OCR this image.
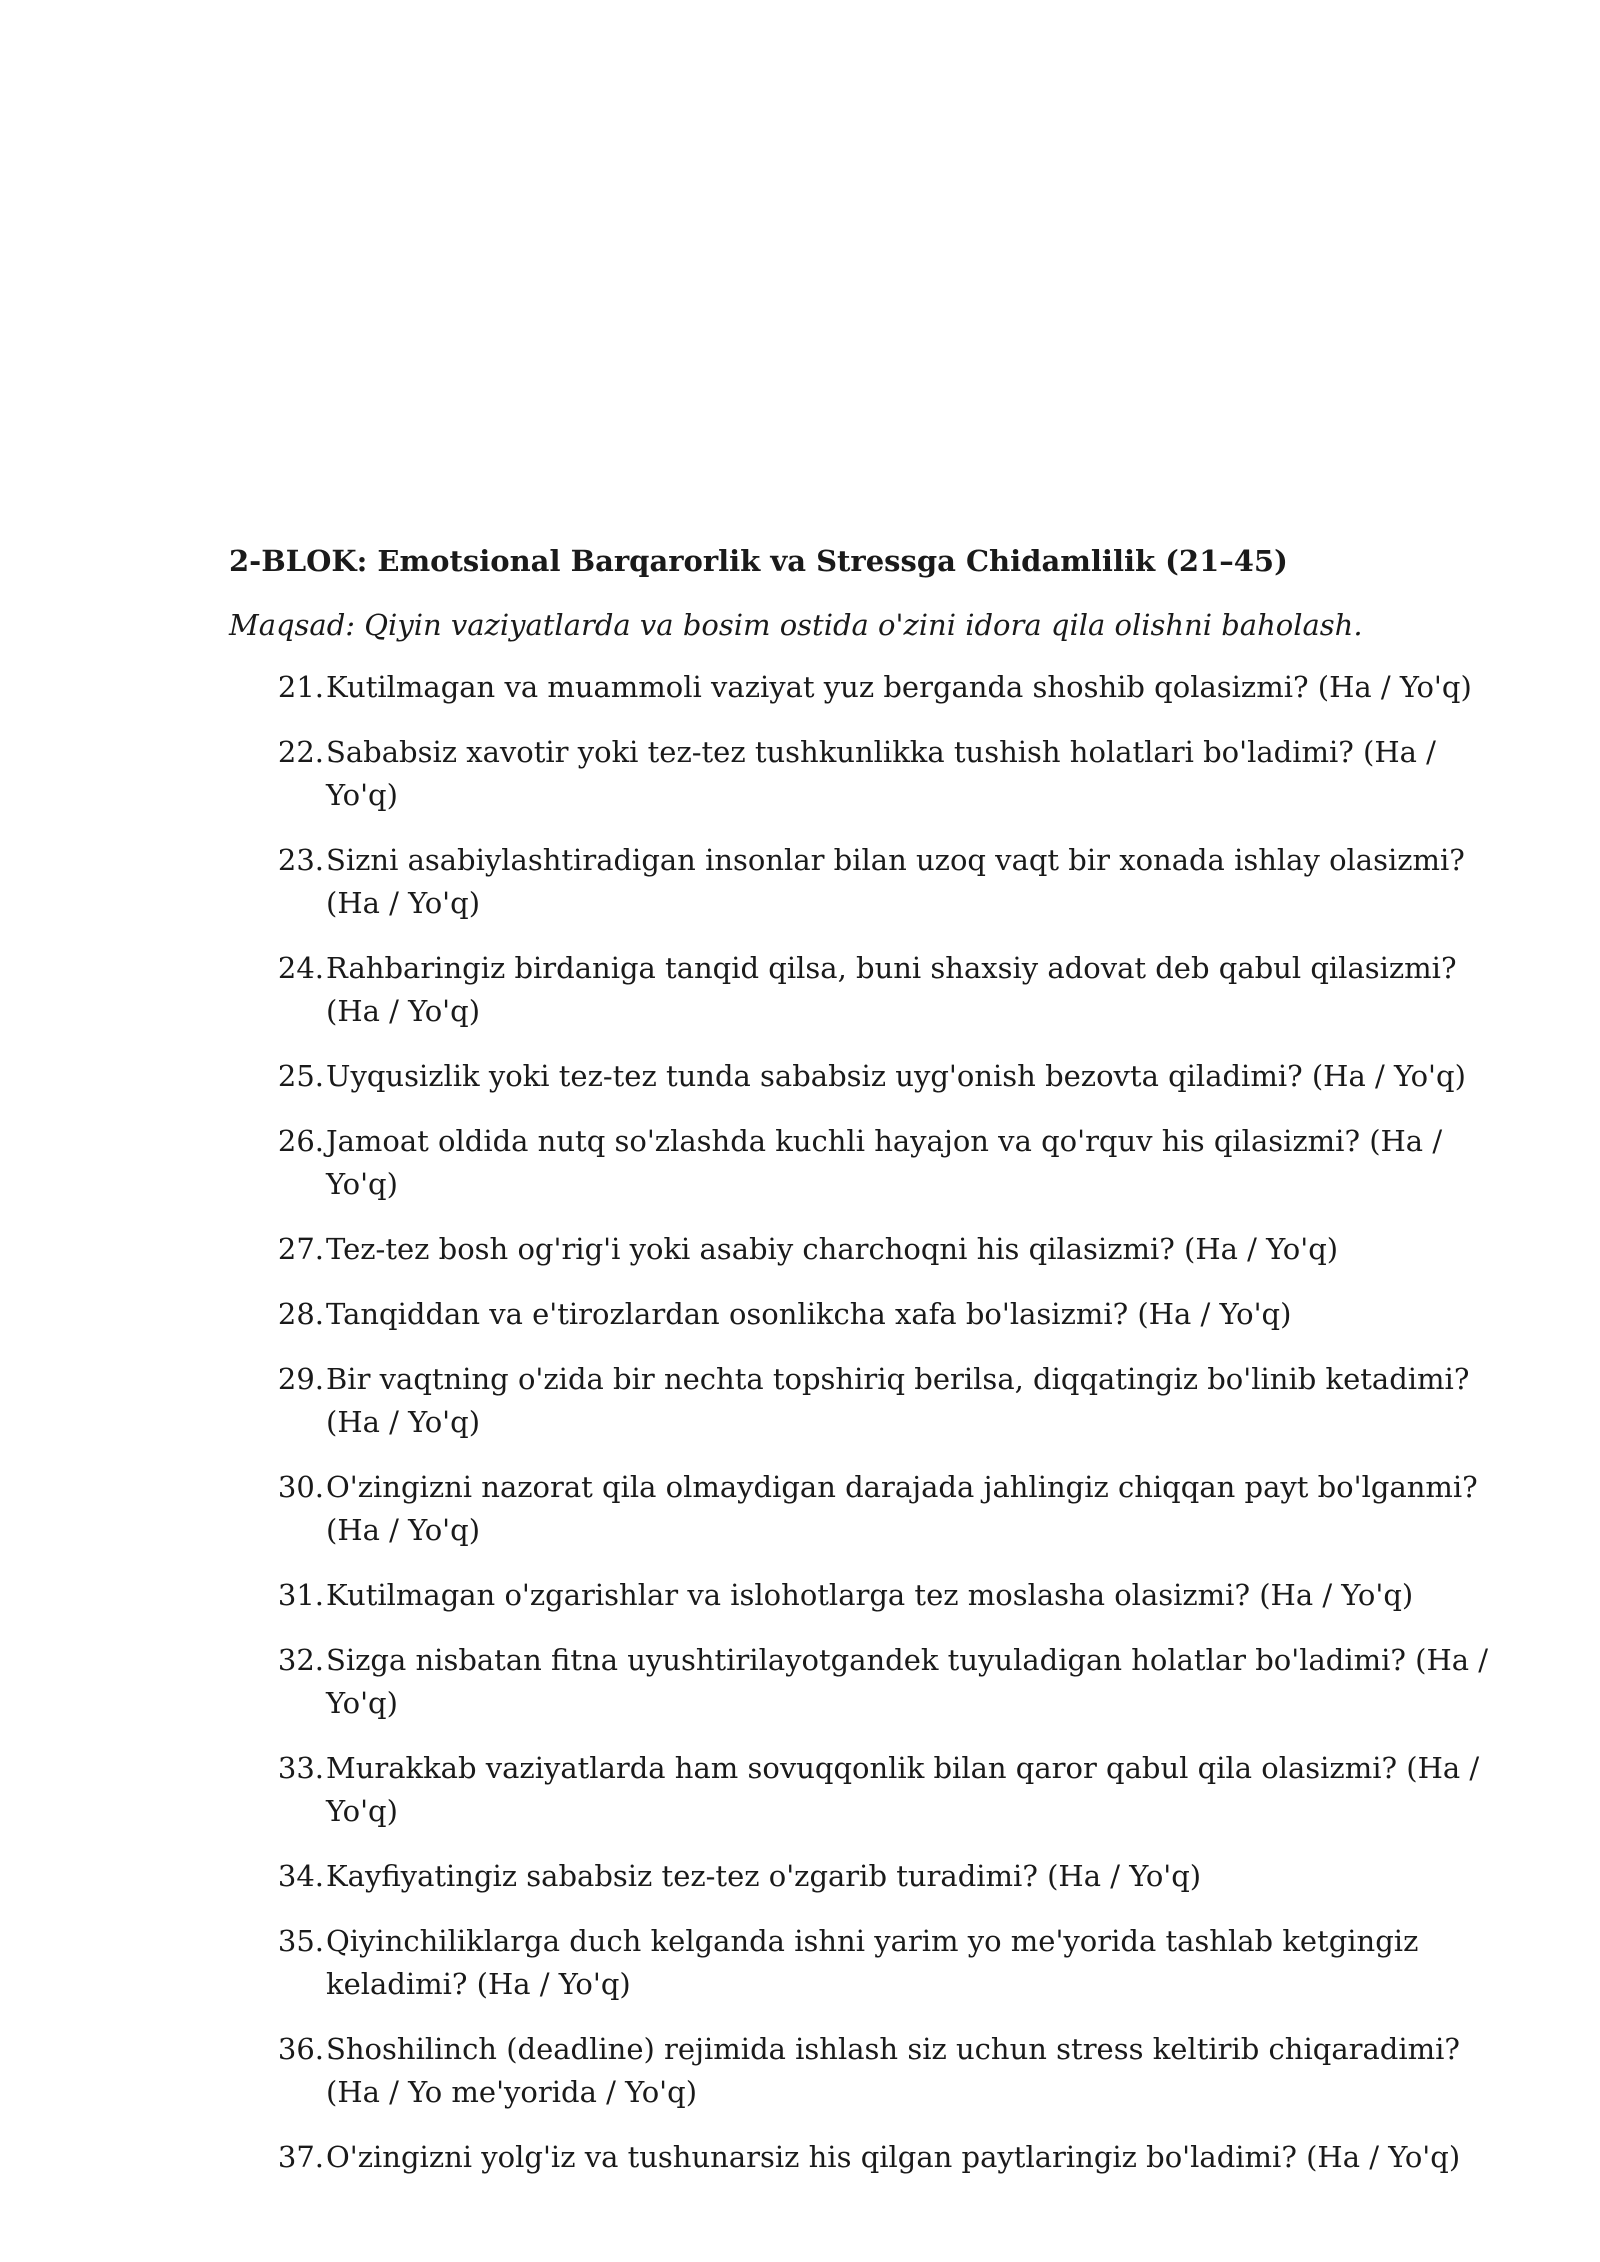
2-BLOK: Emotsional Barqarorlik va Stressga Chidamlilik (21–45)
Maqsad: Qiyin vaziyatlarda va bosim ostida o'zini idora qila olishni baholash.
21. Kutilmagan va muammoli vaziyat yuz berganda shoshib qolasizmi? (Ha / Yo'q)
22. Sababsiz xavotir yoki tez-tez tushkunlikka tushish holatlari bo'ladimi? (Ha / Yo'q)
23. Sizni asabiylashtiradigan insonlar bilan uzoq vaqt bir xonada ishlay olasizmi? (Ha / Yo'q)
24. Rahbaringiz birdaniga tanqid qilsa, buni shaxsiy adovat deb qabul qilasizmi? (Ha / Yo'q)
25. Uyqusizlik yoki tez-tez tunda sababsiz uyg'onish bezovta qiladimi? (Ha / Yo'q)
26. Jamoat oldida nutq so'zlashda kuchli hayajon va qo'rquv his qilasizmi? (Ha / Yo'q)
27. Tez-tez bosh og'rig'i yoki asabiy charchoqni his qilasizmi? (Ha / Yo'q)
28. Tanqiddan va e'tirozlardan osonlikcha xafa bo'lasizmi? (Ha / Yo'q)
29. Bir vaqtning o'zida bir nechta topshiriq berilsa, diqqatingiz bo'linib ketadimi? (Ha / Yo'q)
30. O'zingizni nazorat qila olmaydigan darajada jahlingiz chiqqan payt bo'lganmi? (Ha / Yo'q)
31. Kutilmagan o'zgarishlar va islohotlarga tez moslasha olasizmi? (Ha / Yo'q)
32. Sizga nisbatan fitna uyushtirilayotgandek tuyuladigan holatlar bo'ladimi? (Ha / Yo'q)
33. Murakkab vaziyatlarda ham sovuqqonlik bilan qaror qabul qila olasizmi? (Ha / Yo'q)
34. Kayfiyatingiz sababsiz tez-tez o'zgarib turadimi? (Ha / Yo'q)
35. Qiyinchiliklarga duch kelganda ishni yarim yo me'yorida tashlab ketgingiz keladimi? (Ha / Yo'q)
36. Shoshilinch (deadline) rejimida ishlash siz uchun stress keltirib chiqaradimi? (Ha / Yo me'yorida / Yo'q)
37. O'zingizni yolg'iz va tushunarsiz his qilgan paytlaringiz bo'ladimi? (Ha / Yo'q)
